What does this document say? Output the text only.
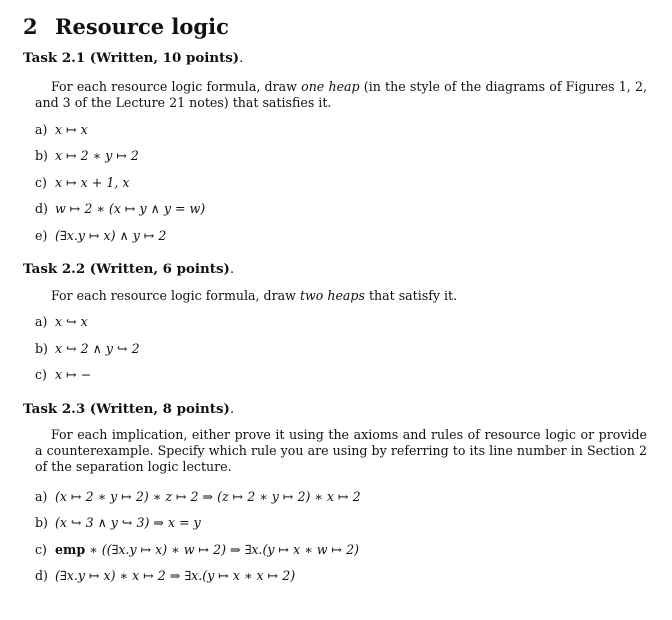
2 Resource logic
Task 2.1 (Written, 10 points).
For each resource logic formula, draw one heap (in the style of the diagrams of Figures 1, 2, and 3 of the Lecture 21 notes) that satisfies it.
a) x ↦ x
b) x ↦ 2 ∗ y ↦ 2
c) x ↦ x + 1, x
d) w ↦ 2 ∗ (x ↦ y ∧ y = w)
e) (∃x.y ↦ x) ∧ y ↦ 2
Task 2.2 (Written, 6 points).
For each resource logic formula, draw two heaps that satisfy it.
a) x ↪ x
b) x ↪ 2 ∧ y ↪ 2
c) x ↦ −
Task 2.3 (Written, 8 points).
For each implication, either prove it using the axioms and rules of resource logic or provide a counterexample. Specify which rule you are using by referring to its line number in Section 2 of the separation logic lecture.
a) (x ↦ 2 ∗ y ↦ 2) ∗ z ↦ 2 ⇒ (z ↦ 2 ∗ y ↦ 2) ∗ x ↦ 2
b) (x ↪ 3 ∧ y ↪ 3) ⇒ x = y
c) emp ∗ ((∃x.y ↦ x) ∗ w ↦ 2) ⇒ ∃x.(y ↦ x ∗ w ↦ 2)
d) (∃x.y ↦ x) ∗ x ↦ 2 ⇒ ∃x.(y ↦ x ∗ x ↦ 2)
